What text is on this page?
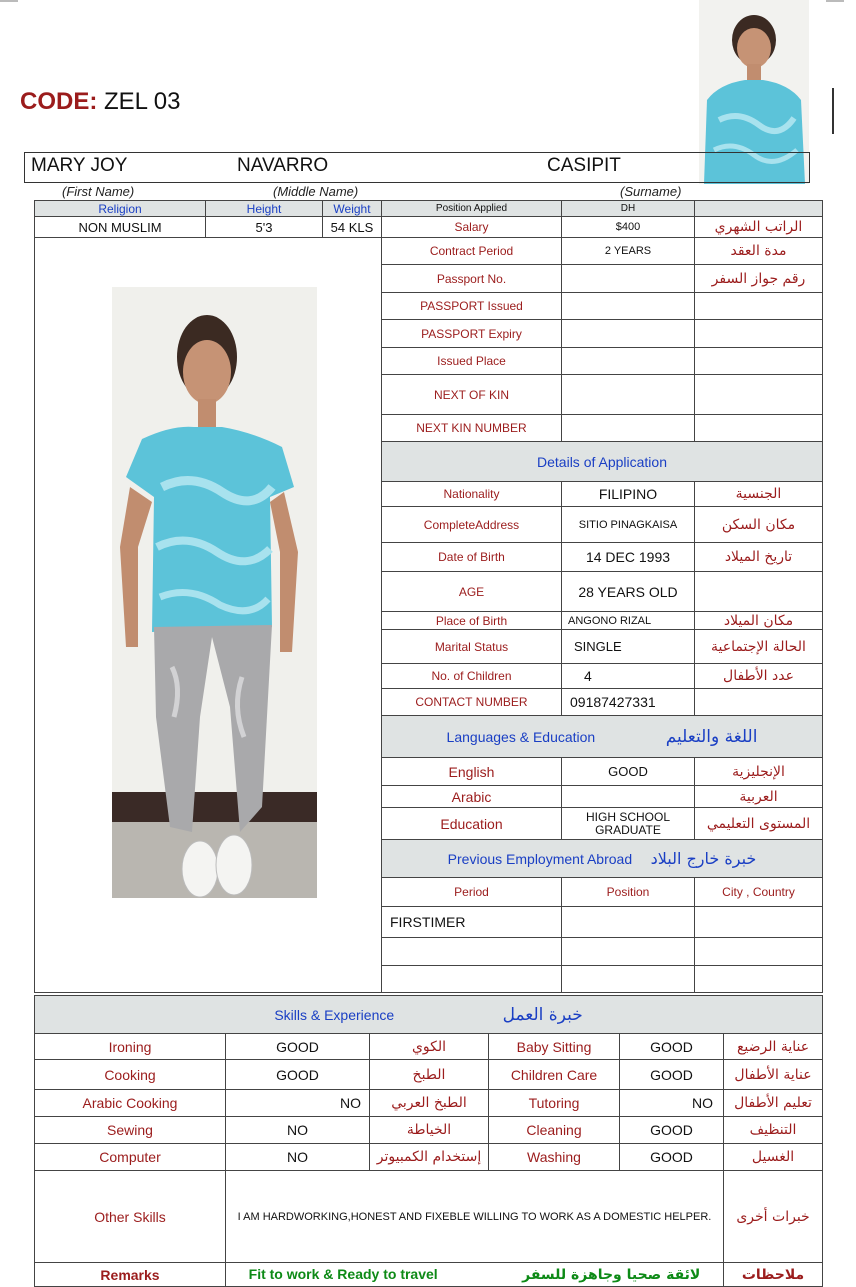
CODE: ZEL 03
MARY JOY	NAVARRO	CASIPIT
(First Name)	(Middle Name)	(Surname)
Religion	Height	Weight	Position Applied	DH	
NON MUSLIM	5'3	54 KLS	Salary	$400	الراتب الشهري
			Contract Period	2 YEARS	مدة العقد
			Passport No.		رقم جواز السفر
			PASSPORT Issued		
			PASSPORT Expiry		
			Issued Place		
			NEXT OF KIN		
			NEXT KIN NUMBER		
			Details of Application		
			Nationality	FILIPINO	الجنسية
			CompleteAddress	SITIO PINAGKAISA	مكان السكن
			Date of Birth	14 DEC 1993	تاريخ الميلاد
			AGE	28 YEARS OLD	
			Place of Birth	ANGONO RIZAL	مكان الميلاد
			Marital Status	SINGLE	الحالة الإجتماعية
			No. of Children	4	عدد الأطفال
			CONTACT NUMBER	09187427331	
			Languages & Education اللغة والتعليم		
			English	GOOD	الإنجليزية
			Arabic		العربية
			Education	HIGH SCHOOL GRADUATE	المستوى التعليمي
			Previous Employment Abroad خبرة خارج البلاد		
			Period	Position	City , Country
			FIRSTIMER		

Skills & Experience خبرة العمل					
Ironing	GOOD	الكوي	Baby Sitting	GOOD	عناية الرضيع
Cooking	GOOD	الطبخ	Children Care	GOOD	عناية الأطفال
Arabic Cooking	NO	الطبخ العربي	Tutoring	NO	تعليم الأطفال
Sewing	NO	الخياطة	Cleaning	GOOD	التنظيف
Computer	NO	إستخدام الكمبيوتر	Washing	GOOD	الغسيل
Other Skills	I AM HARDWORKING,HONEST AND FIXEBLE WILLING TO WORK AS A DOMESTIC HELPER.				خبرات أخرى
Remarks	Fit to work & Ready to travel لائقة صحيا وجاهزة للسفر				ملاحظات
